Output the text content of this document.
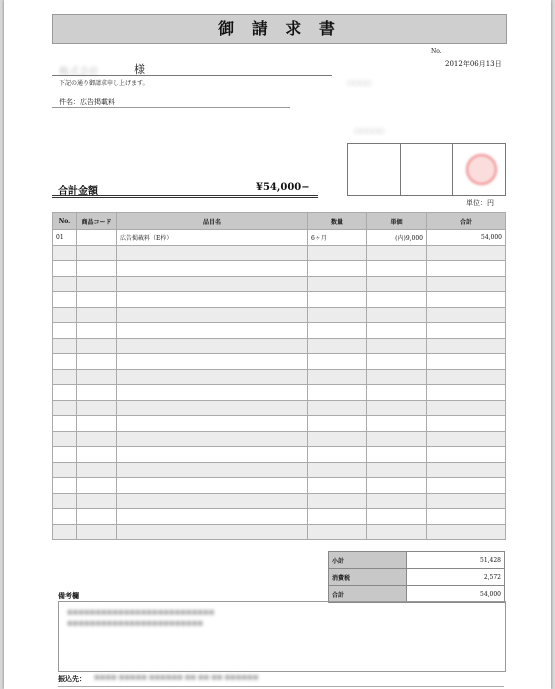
御 請 求 書
No.
2012年06月13日
株式会社	様
下記の通り御請求申し上げます。
件名：広告掲載料
○○○○
○○○○○
合計金額	¥54,000−
単位：円
No.	商品コード	品目名	数量	単価	合計
01		広告掲載料（E枠）	6ヶ月	(内)9,000	54,000

小計	51,428
消費税	2,572
合計	54,000
備考欄
■■■■■■■■■■■■■■■■■■■■■■■■■■ ■■■■■■■■■■■■■■■■■■■■■■■■
振込先： ■■■■ ■■■■■ ■■■■■■ ■■ ■■ ■■ ■■■■■■
